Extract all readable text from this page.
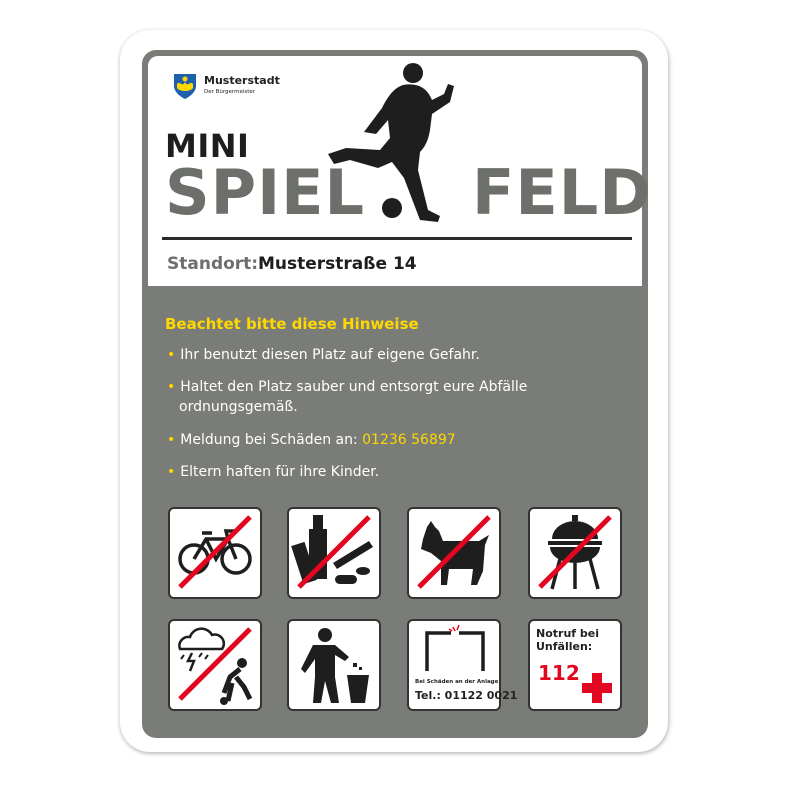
Musterstadt
Der Bürgermeister
MINI
SPIEL FELD
Standort: Musterstraße 14
Beachtet bitte diese Hinweise
• Ihr benutzt diesen Platz auf eigene Gefahr.
• Haltet den Platz sauber und entsorgt eure Abfälle
ordnungsgemäß.
• Meldung bei Schäden an: 01236 56897
• Eltern haften für ihre Kinder.
Bei Schäden an der Anlage:
Tel.: 01122 0021
Notruf bei
Unfällen:
112
